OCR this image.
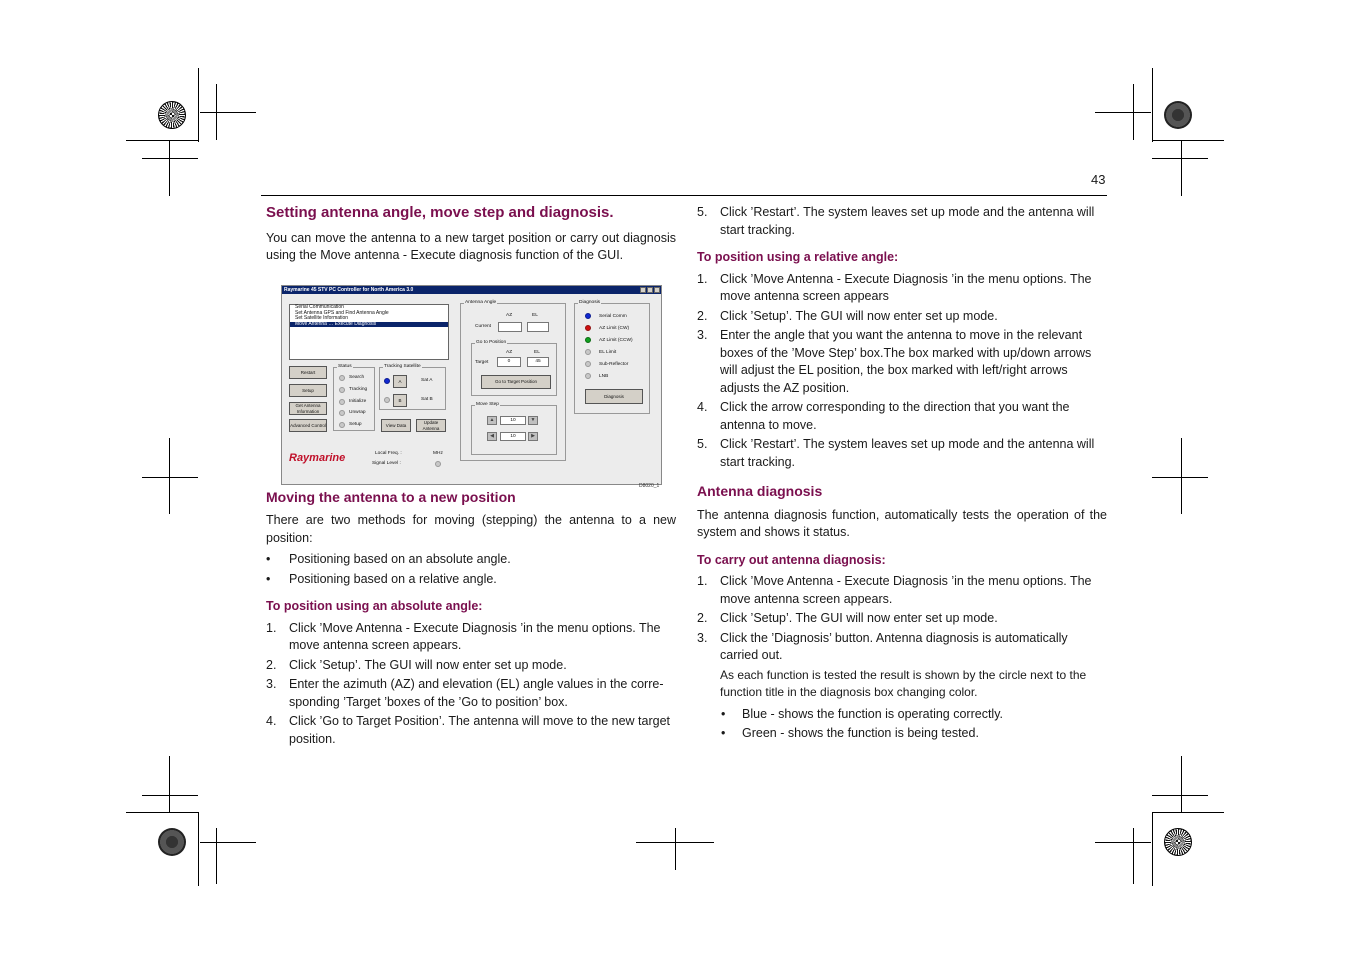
43
Setting antenna angle, move step and diagnosis.

You can move the antenna to a new target position or carry out diagnosis using the Move antenna - Execute diagnosis function of the GUI.

Moving the antenna to a new position

There are two methods for moving (stepping) the antenna to a new position:

• Positioning based on an absolute angle.
• Positioning based on a relative angle.
To position using an absolute angle:
1. Click ’Move Antenna - Execute Diagnosis ’in the menu options. The move antenna screen appears.
2. Click ’Setup’. The GUI will now enter set up mode.
3. Enter the azimuth (AZ) and elevation (EL) angle values in the corre-sponding ’Target ’boxes of the ’Go to position’ box.
4. Click ’Go to Target Position’. The antenna will move to the new target position.
5. Click ’Restart’. The system leaves set up mode and the antenna will start tracking.
To position using a relative angle:
1. Click ’Move Antenna - Execute Diagnosis ’in the menu options. The move antenna screen appears
2. Click ’Setup’. The GUI will now enter set up mode.
3. Enter the angle that you want the antenna to move in the relevant boxes of the ’Move Step’ box.The box marked with up/down arrows will adjust the EL position, the box marked with left/right arrows adjusts the AZ position.
4. Click the arrow corresponding to the direction that you want the antenna to move.
5. Click ’Restart’. The system leaves set up mode and the antenna will start tracking.
Antenna diagnosis

The antenna diagnosis function, automatically tests the operation of the system and shows it status.

To carry out antenna diagnosis:
1. Click ’Move Antenna - Execute Diagnosis ’in the menu options. The move antenna screen appears.
2. Click ’Setup’. The GUI will now enter set up mode.
3. Click the ’Diagnosis’ button. Antenna diagnosis is automatically carried out.

As each function is tested the result is shown by the circle next to the function title in the diagnosis box changing color.

• Blue - shows the function is operating correctly.
• Green - shows the function is being tested.
Raymarine 45 STV PC Controller for North America 3.0
Serial Communication
Set Antenna GPS and Find Antenna Angle
Set Satellite Information
Move Antenna … Execute Diagnosis
Restart
Setup
Get Antenna Information
Advanced Control
Status
Search
Tracking
Initialize
Unwrap
Setup
Tracking Satellite
A	Sat A
B	Sat B
View Data
Update Antenna
Antenna Angle
AZ	EL
Current
Go to Position
AZ	EL
Target	0	45
Go to Target Position
Move Step
▲	10	▼
◀	10	▶
Diagnosis
Serial Comm
AZ Limit (CW)
AZ Limit (CCW)
EL Limit
Sub-Reflector
LNB
Diagnosis
Raymarine	Local Freq. :	MHz
Signal Level :
D8020_1
